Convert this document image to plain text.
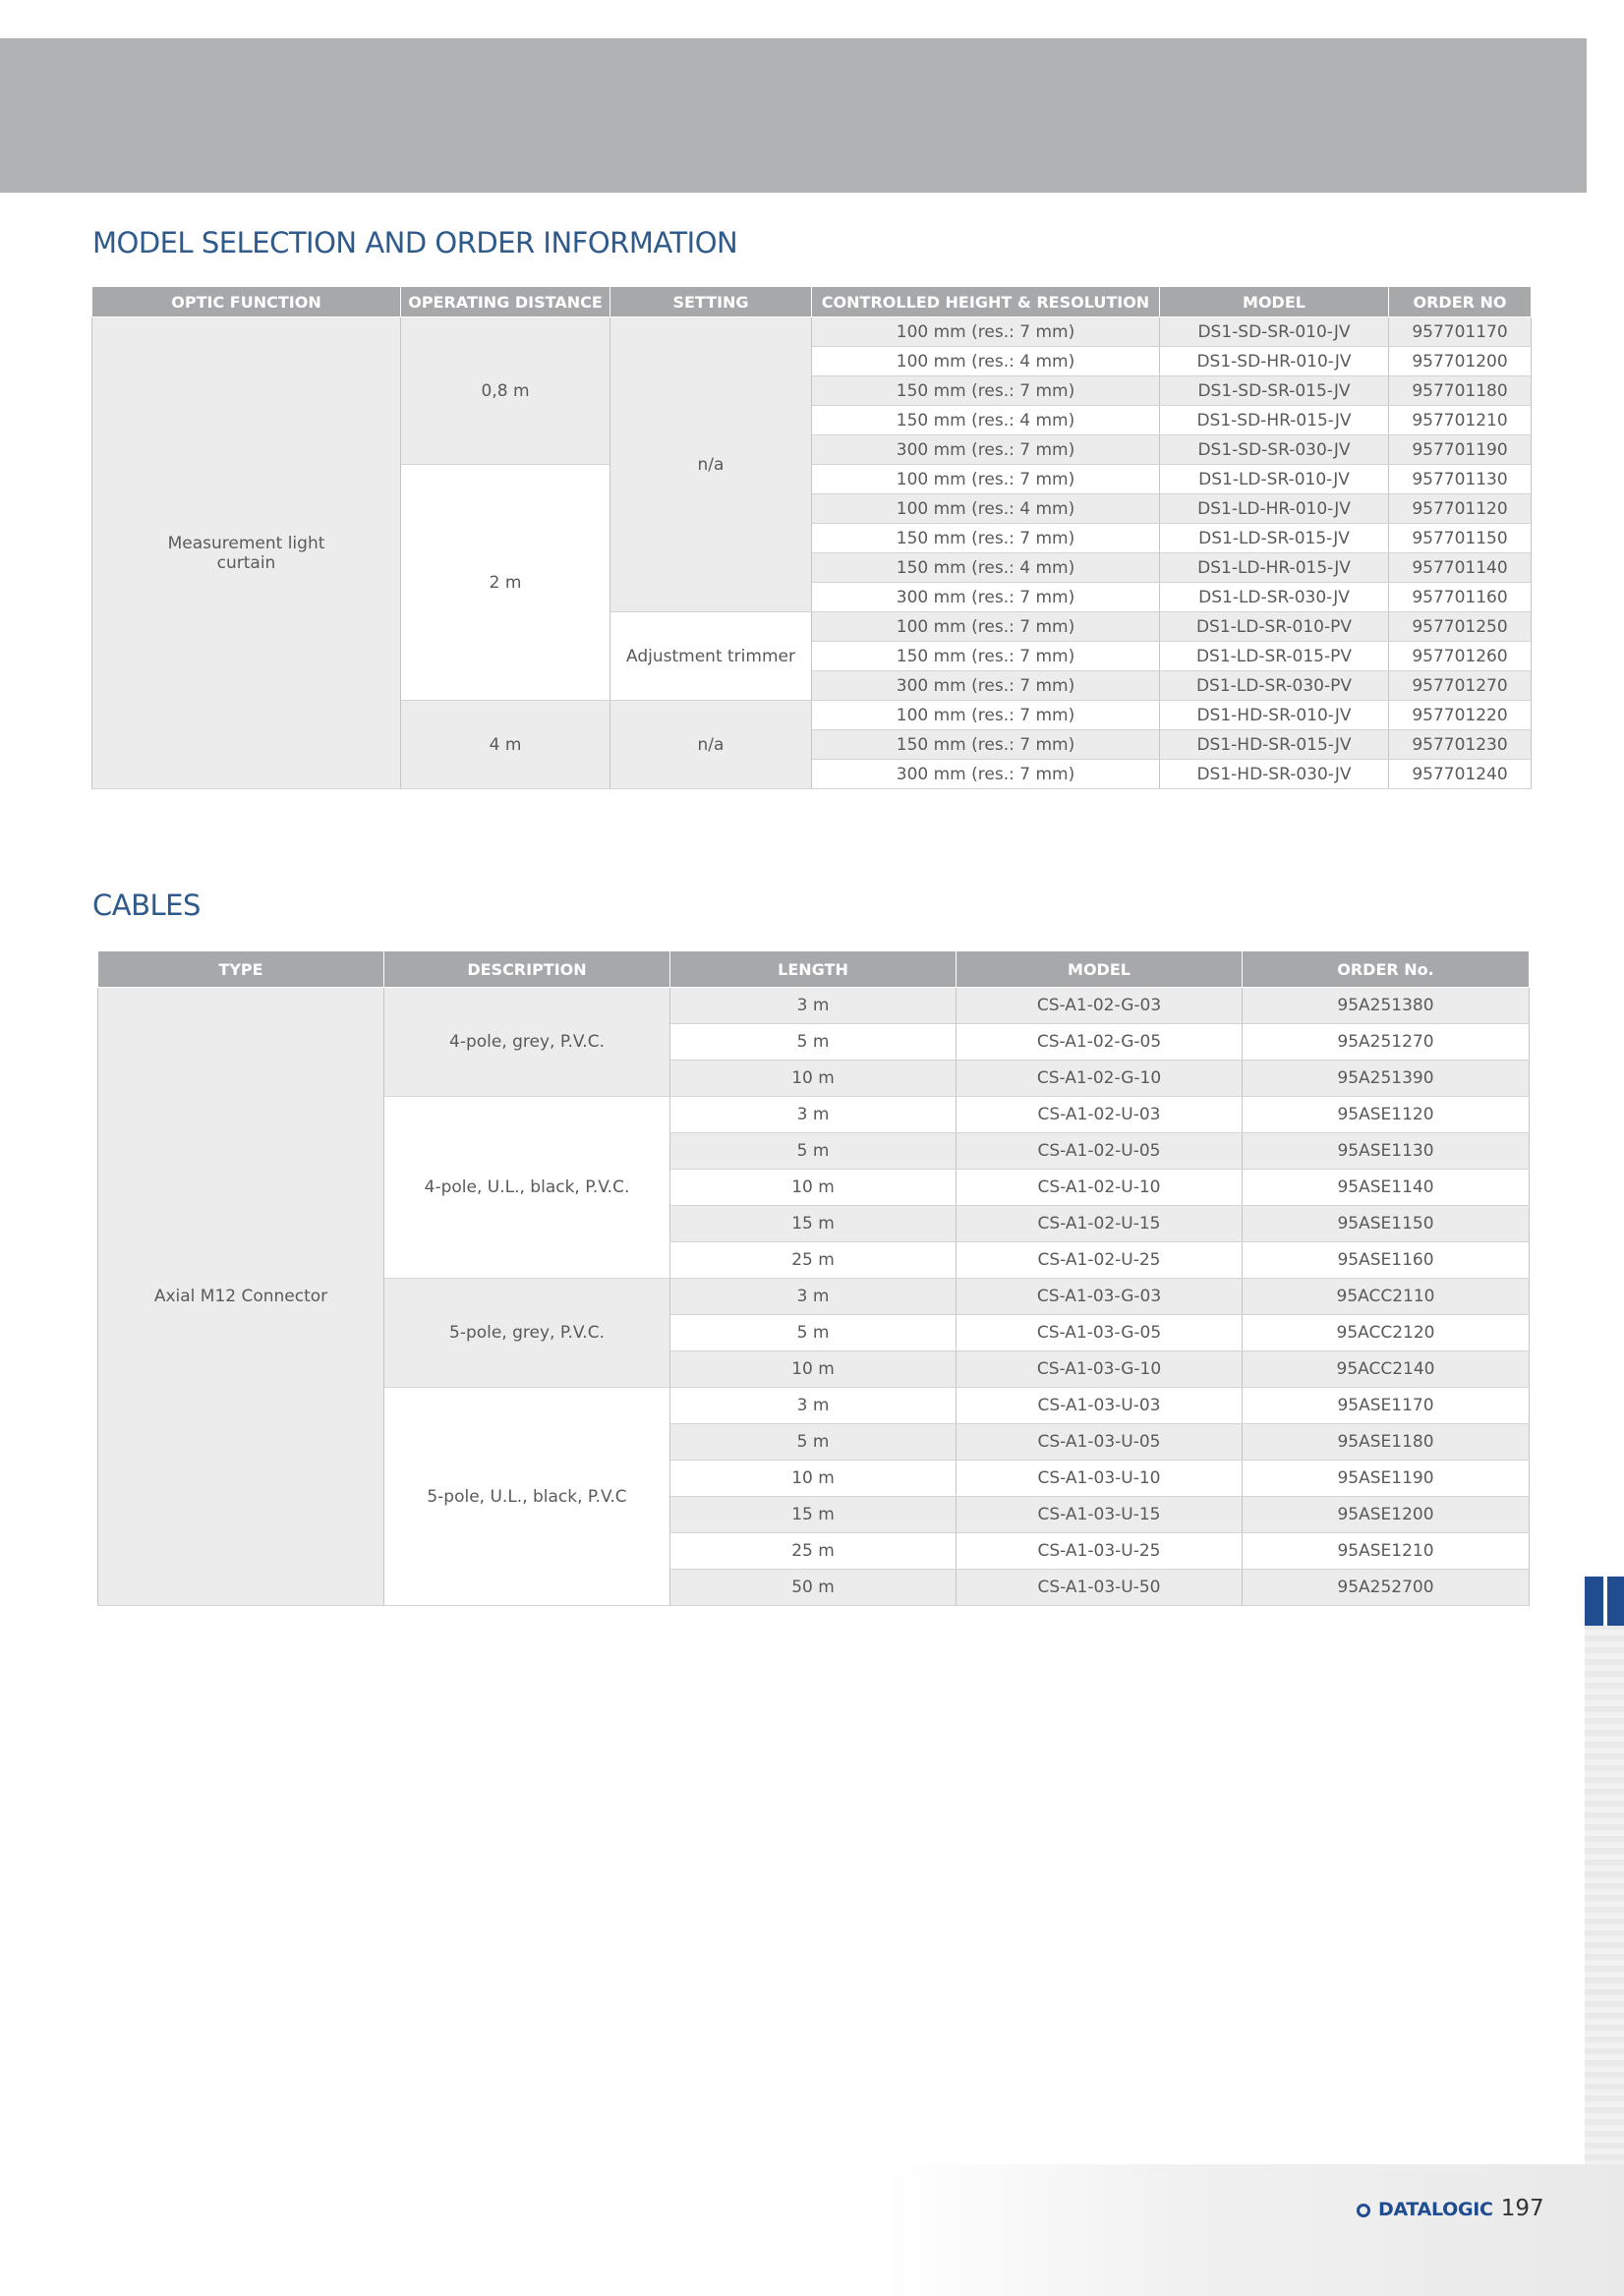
MODEL SELECTION AND ORDER INFORMATION
OPTIC FUNCTION	OPERATING DISTANCE	SETTING	CONTROLLED HEIGHT & RESOLUTION	MODEL	ORDER NO
Measurement light curtain	0,8 m	n/a	100 mm (res.: 7 mm)	DS1-SD-SR-010-JV	957701170
			100 mm (res.: 4 mm)	DS1-SD-HR-010-JV	957701200
			150 mm (res.: 7 mm)	DS1-SD-SR-015-JV	957701180
			150 mm (res.: 4 mm)	DS1-SD-HR-015-JV	957701210
			300 mm (res.: 7 mm)	DS1-SD-SR-030-JV	957701190
	2 m		100 mm (res.: 7 mm)	DS1-LD-SR-010-JV	957701130
			100 mm (res.: 4 mm)	DS1-LD-HR-010-JV	957701120
			150 mm (res.: 7 mm)	DS1-LD-SR-015-JV	957701150
			150 mm (res.: 4 mm)	DS1-LD-HR-015-JV	957701140
			300 mm (res.: 7 mm)	DS1-LD-SR-030-JV	957701160
		Adjustment trimmer	100 mm (res.: 7 mm)	DS1-LD-SR-010-PV	957701250
			150 mm (res.: 7 mm)	DS1-LD-SR-015-PV	957701260
			300 mm (res.: 7 mm)	DS1-LD-SR-030-PV	957701270
	4 m	n/a	100 mm (res.: 7 mm)	DS1-HD-SR-010-JV	957701220
			150 mm (res.: 7 mm)	DS1-HD-SR-015-JV	957701230
			300 mm (res.: 7 mm)	DS1-HD-SR-030-JV	957701240
CABLES
TYPE	DESCRIPTION	LENGTH	MODEL	ORDER No.
Axial M12 Connector	4-pole, grey, P.V.C.	3 m	CS-A1-02-G-03	95A251380
		5 m	CS-A1-02-G-05	95A251270
		10 m	CS-A1-02-G-10	95A251390
	4-pole, U.L., black, P.V.C.	3 m	CS-A1-02-U-03	95ASE1120
		5 m	CS-A1-02-U-05	95ASE1130
		10 m	CS-A1-02-U-10	95ASE1140
		15 m	CS-A1-02-U-15	95ASE1150
		25 m	CS-A1-02-U-25	95ASE1160
	5-pole, grey, P.V.C.	3 m	CS-A1-03-G-03	95ACC2110
		5 m	CS-A1-03-G-05	95ACC2120
		10 m	CS-A1-03-G-10	95ACC2140
	5-pole, U.L., black, P.V.C	3 m	CS-A1-03-U-03	95ASE1170
		5 m	CS-A1-03-U-05	95ASE1180
		10 m	CS-A1-03-U-10	95ASE1190
		15 m	CS-A1-03-U-15	95ASE1200
		25 m	CS-A1-03-U-25	95ASE1210
		50 m	CS-A1-03-U-50	95A252700
DATALOGIC 197
